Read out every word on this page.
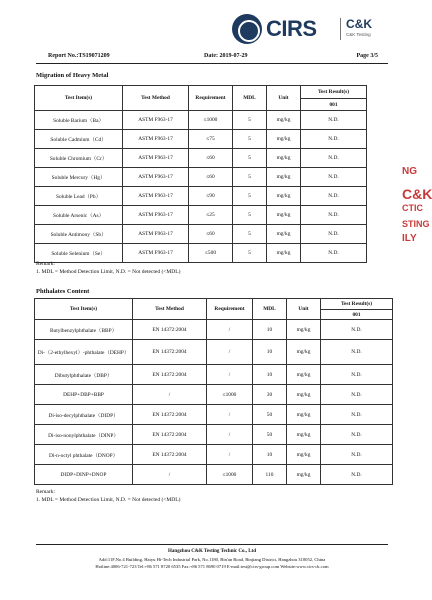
CIRS C&K
C&K Testing
Report No.:TS19071209	Date: 2019-07-29	Page 3/5
Migration of Heavy Metal
Test Item(s)	Test Method	Requirement	MDL	Unit	Test Result(s)
					001
Soluble Barium（Ba）	ASTM F963-17	≤1000	5	mg/kg	N.D.
Soluble Cadmium（Cd）	ASTM F963-17	≤75	5	mg/kg	N.D.
Soluble Chromium（Cr）	ASTM F963-17	≤60	5	mg/kg	N.D.
Soluble Mercury（Hg）	ASTM F963-17	≤60	5	mg/kg	N.D.
Soluble Lead（Pb）	ASTM F963-17	≤90	5	mg/kg	N.D.
Soluble Arsenic（As）	ASTM F963-17	≤25	5	mg/kg	N.D.
Soluble Antimony（Sb）	ASTM F963-17	≤60	5	mg/kg	N.D.
Soluble Selenium（Se）	ASTM F963-17	≤500	5	mg/kg	N.D.
Remark:
1. MDL = Method Detection Limit, N.D. = Not detected (<MDL)
Phthalates Content
Test Item(s)	Test Method	Requirement	MDL	Unit	Test Result(s)
					001
Butylbenzylphthalate（BBP）	EN 14372:2004	/	10	mg/kg	N.D.
Di-（2-ethylhexyl）-phthalate（DEHP）	EN 14372:2004	/	10	mg/kg	N.D.
Dibutylphthalate（DBP）	EN 14372:2004	/	10	mg/kg	N.D.
DEHP+DBP+BBP	/	≤1000	30	mg/kg	N.D.
Di-iso-decylphthalate（DIDP）	EN 14372:2004	/	50	mg/kg	N.D.
Di-iso-nonylphthalate（DINP）	EN 14372:2004	/	50	mg/kg	N.D.
Di-n-octyl phthalate（DNOP）	EN 14372:2004	/	10	mg/kg	N.D.
DIDP+DINP+DNOP	/	≤1000	110	mg/kg	N.D.
Remark:
1. MDL = Method Detection Limit, N.D. = Not detected (<MDL)
Hangzhou C&K Testing Technic Co., Ltd
Add:11F,No.4 Building, Haiyu Hi-Tech Industrial Park, No.1180, Bin'an Road, Binjiang District, Hangzhou 310052, China
Hotline:4006-721-723 Tel:+86 571 8720 6535 Fax:+86 571 8690 0719 E-mail:test@cirs-group.com Website:www.cirs-ck.com
NG
C&K
CTIC
STING
ILY
